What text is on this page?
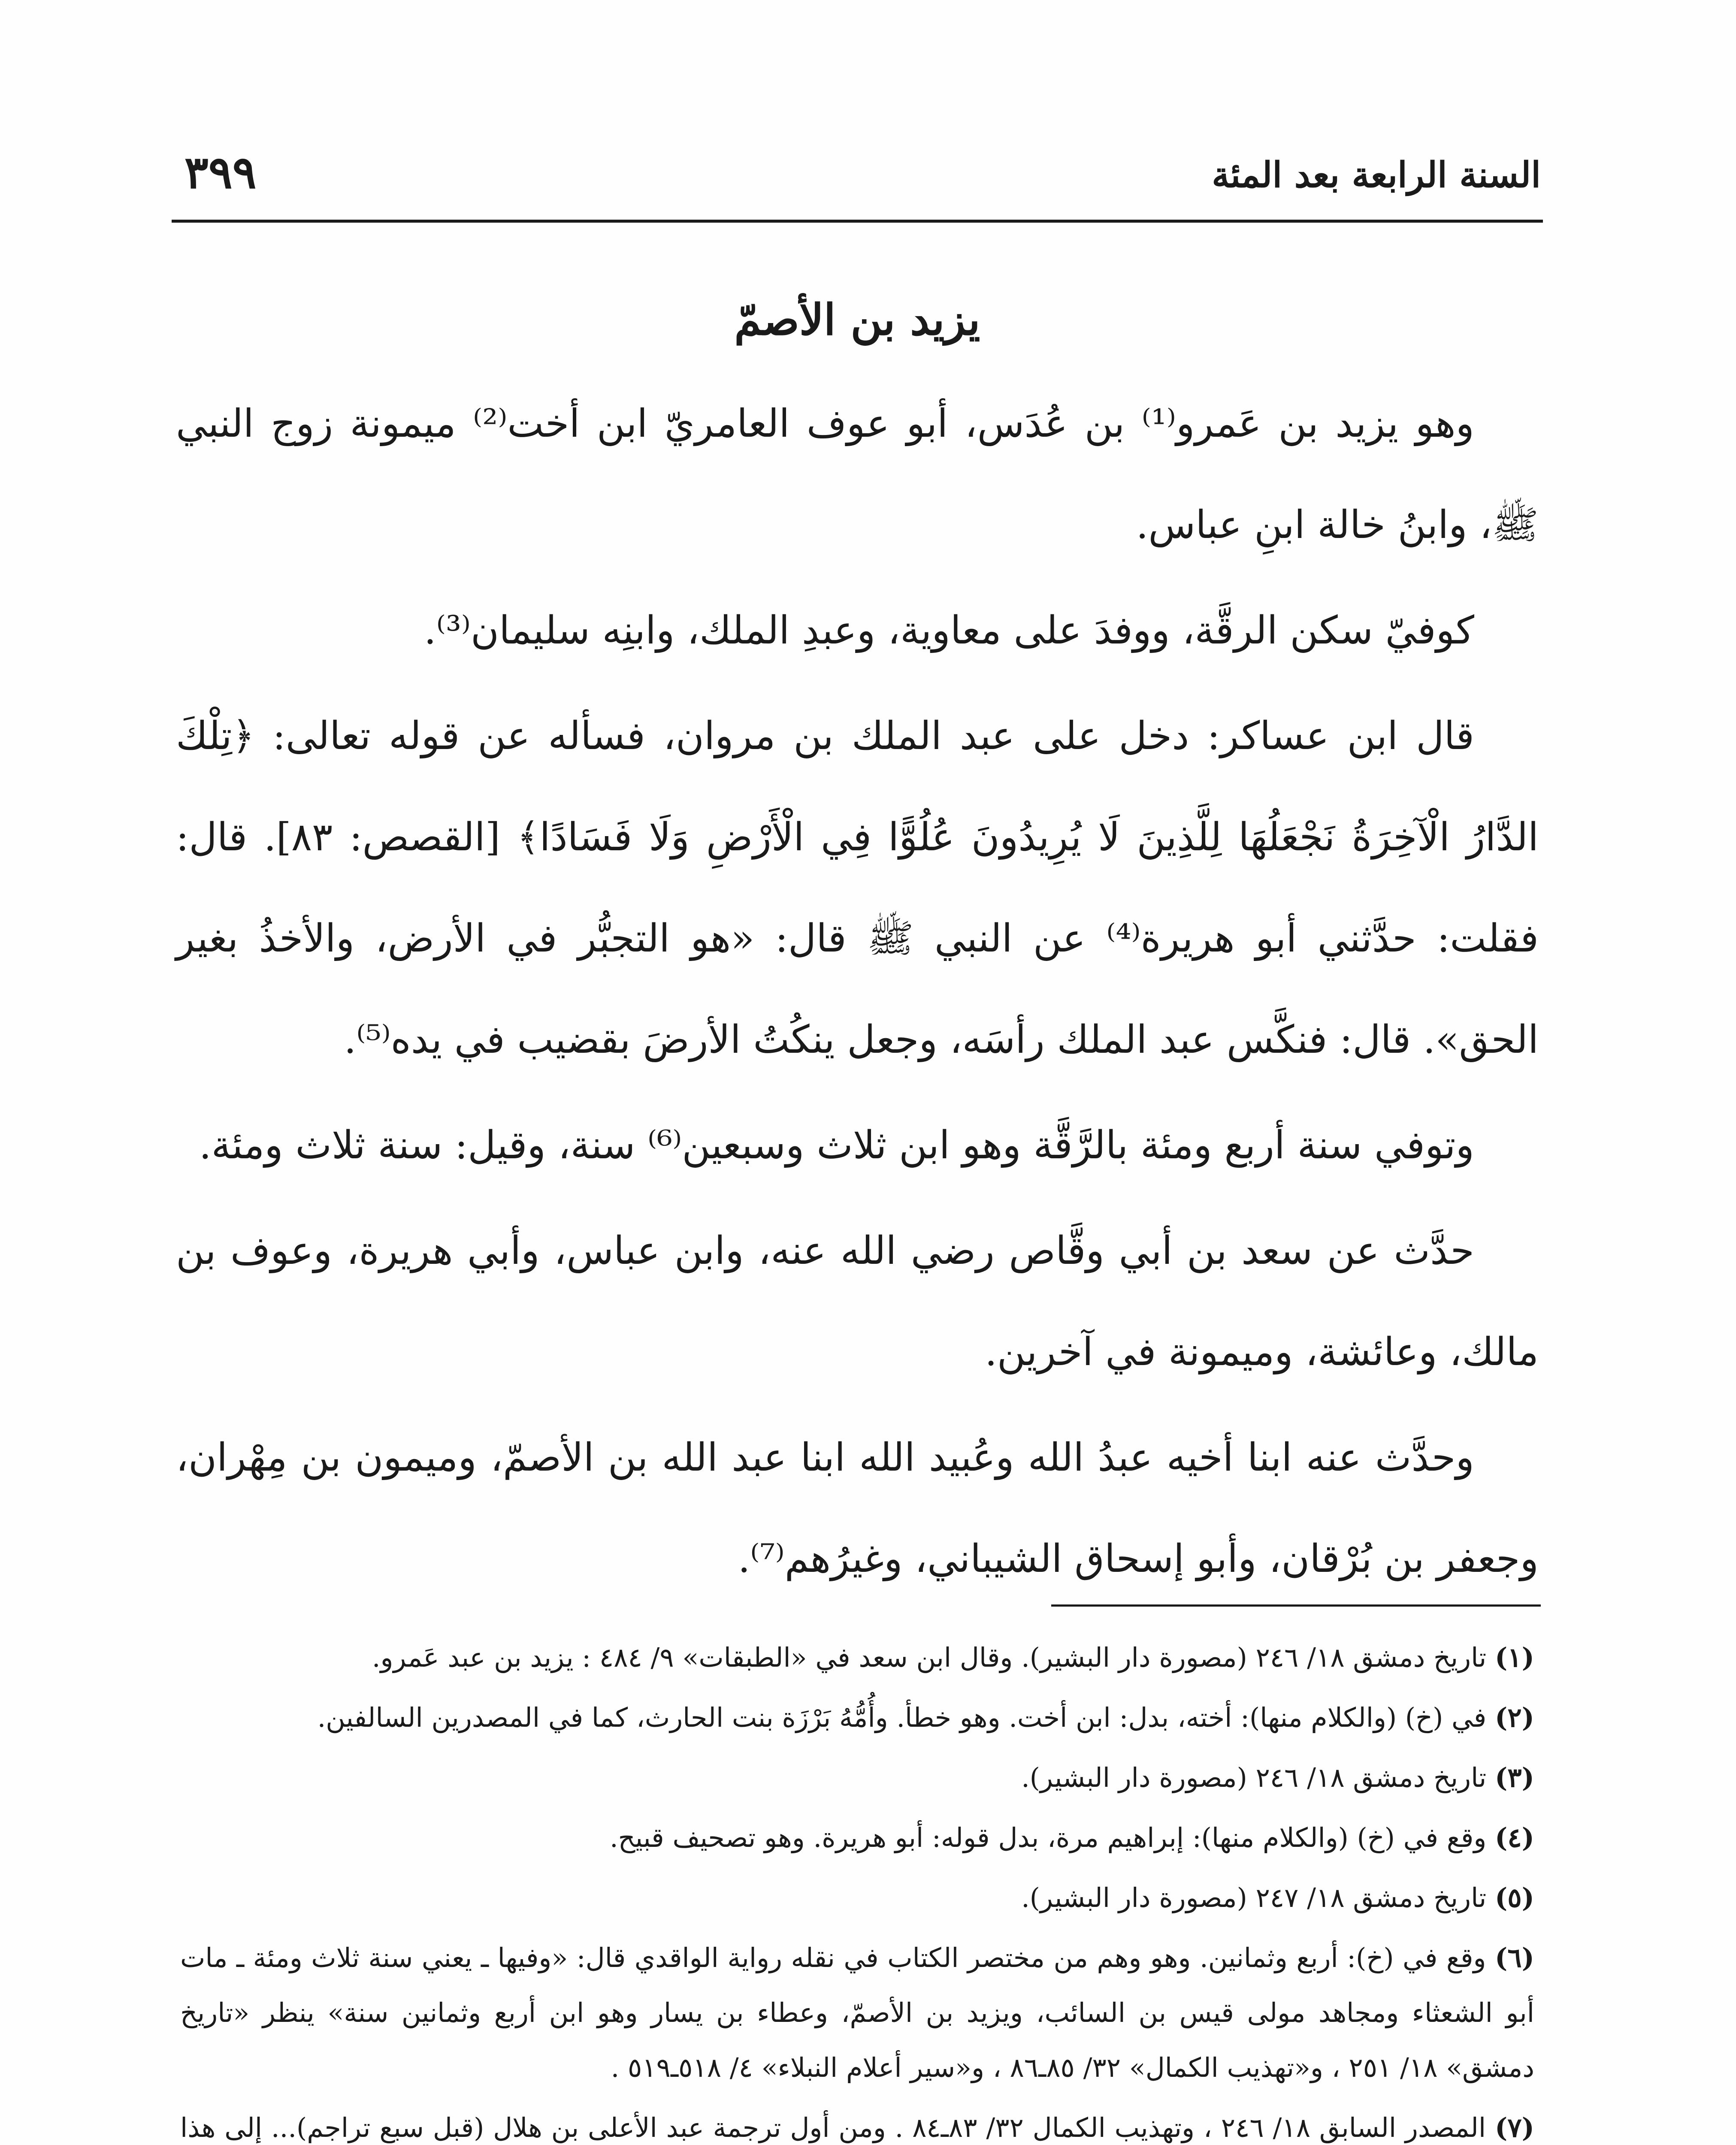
السنة الرابعة بعد المئة
٣٩٩
يزيد بن الأصمّ

وهو يزيد بن عَمرو⁽¹⁾ بن عُدَس، أبو عوف العامريّ ابن أخت⁽²⁾ ميمونة زوج النبي ﷺ، وابنُ خالة ابنِ عباس.

كوفيّ سكن الرقَّة، ووفدَ على معاوية، وعبدِ الملك، وابنِه سليمان⁽³⁾.

قال ابن عساكر: دخل على عبد الملك بن مروان، فسأله عن قوله تعالى: ﴿تِلْكَ الدَّارُ الْآخِرَةُ نَجْعَلُهَا لِلَّذِينَ لَا يُرِيدُونَ عُلُوًّا فِي الْأَرْضِ وَلَا فَسَادًا﴾ [القصص: ٨٣]. قال: فقلت: حدَّثني أبو هريرة⁽⁴⁾ عن النبي ﷺ قال: «هو التجبُّر في الأرض، والأخذُ بغير الحق». قال: فنكَّس عبد الملك رأسَه، وجعل ينكُتُ الأرضَ بقضيب في يده⁽⁵⁾.

وتوفي سنة أربع ومئة بالرَّقَّة وهو ابن ثلاث وسبعين⁽⁶⁾ سنة، وقيل: سنة ثلاث ومئة.

حدَّث عن سعد بن أبي وقَّاص رضي الله عنه، وابن عباس، وأبي هريرة، وعوف بن مالك، وعائشة، وميمونة في آخرين.

وحدَّث عنه ابنا أخيه عبدُ الله وعُبيد الله ابنا عبد الله بن الأصمّ، وميمون بن مِهْران، وجعفر بن بُرْقان، وأبو إسحاق الشيباني، وغيرُهم⁽⁷⁾.

(١) تاريخ دمشق ١٨/ ٢٤٦ (مصورة دار البشير). وقال ابن سعد في «الطبقات» ٩/ ٤٨٤ : يزيد بن عبد عَمرو.

(٢) في (خ) (والكلام منها): أخته، بدل: ابن أخت. وهو خطأ. وأُمُّهُ بَرْزَة بنت الحارث، كما في المصدرين السالفين.

(٣) تاريخ دمشق ١٨/ ٢٤٦ (مصورة دار البشير).

(٤) وقع في (خ) (والكلام منها): إبراهيم مرة، بدل قوله: أبو هريرة. وهو تصحيف قبيح.

(٥) تاريخ دمشق ١٨/ ٢٤٧ (مصورة دار البشير).

(٦) وقع في (خ): أربع وثمانين. وهو وهم من مختصر الكتاب في نقله رواية الواقدي قال: «وفيها ـ يعني سنة ثلاث ومئة ـ مات أبو الشعثاء ومجاهد مولى قيس بن السائب، ويزيد بن الأصمّ، وعطاء بن يسار وهو ابن أربع وثمانين سنة» ينظر «تاريخ دمشق» ١٨/ ٢٥١ ، و«تهذيب الكمال» ٣٢/ ٨٥ـ٨٦ ، و«سير أعلام النبلاء» ٤/ ٥١٨ـ٥١٩ .

(٧) المصدر السابق ١٨/ ٢٤٦ ، وتهذيب الكمال ٣٢/ ٨٣ـ٨٤ . ومن أول ترجمة عبد الأعلى بن هلال (قبل سبع تراجم)... إلى هذا
